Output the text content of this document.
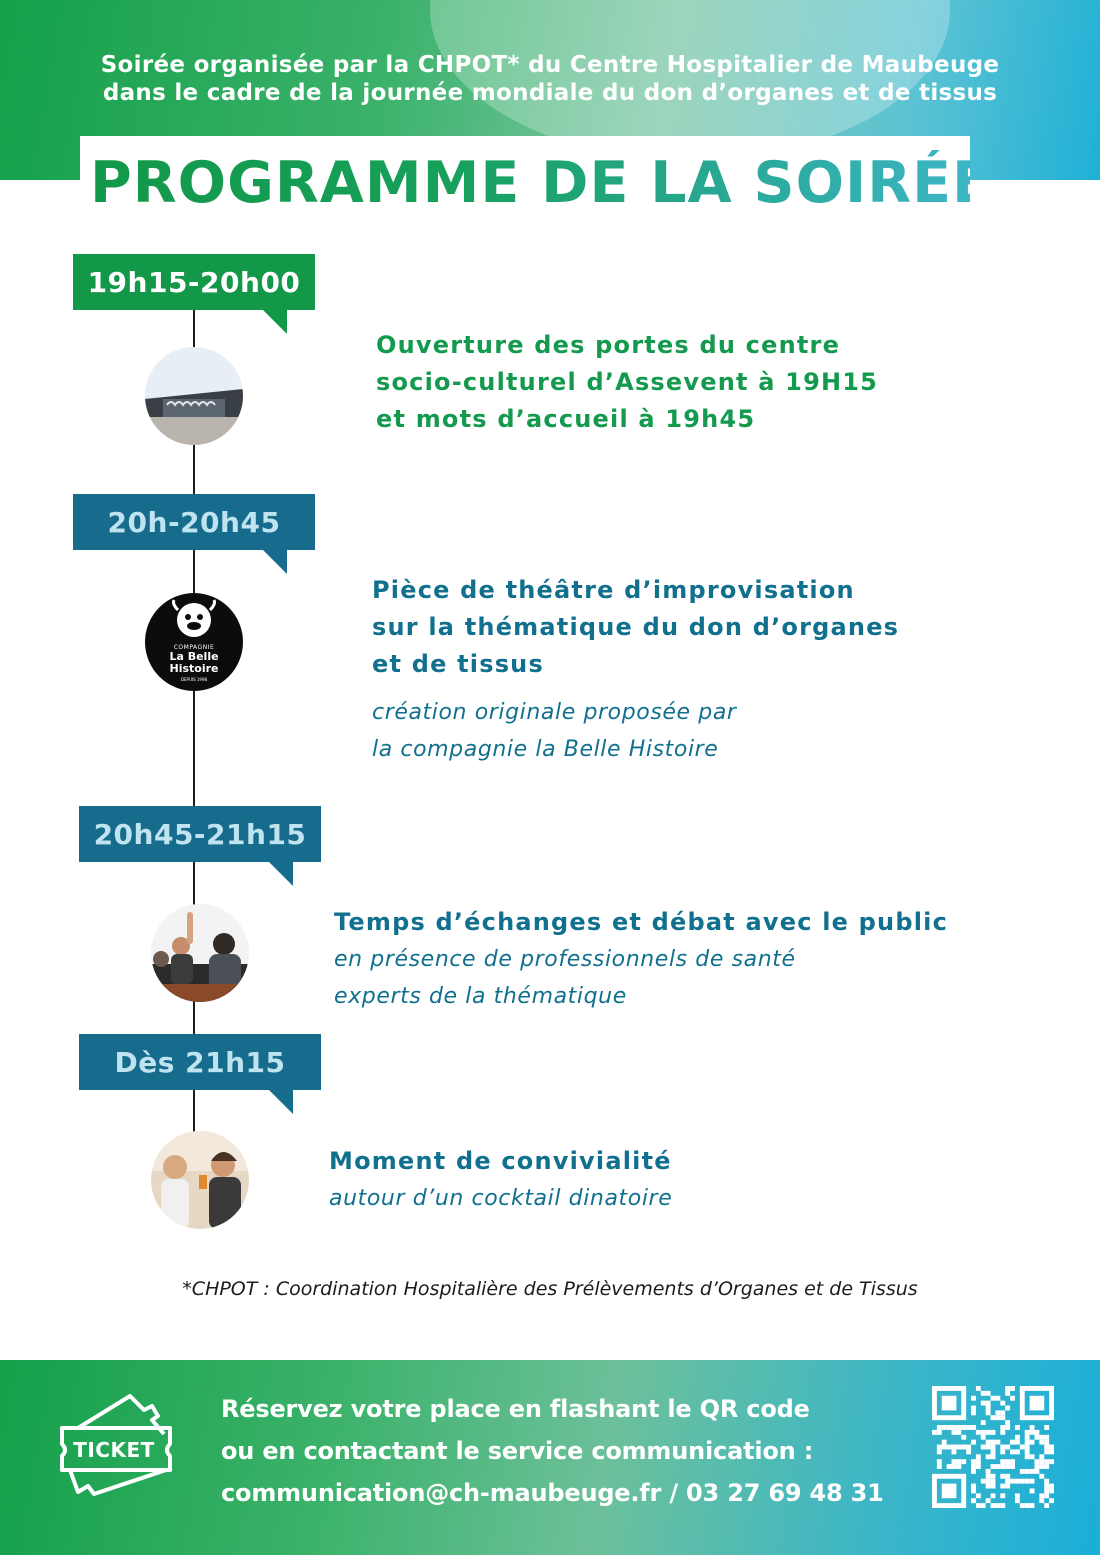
Soirée organisée par la CHPOT* du Centre Hospitalier de Maubeuge
dans le cadre de la journée mondiale du don d’organes et de tissus
PROGRAMME DE LA SOIRÉE
19h15-20h00
Ouverture des portes du centre
socio-culturel d’Assevent à 19H15
et mots d’accueil à 19h45
20h-20h45
COMPAGNIE
La Belle
Histoire
DEPUIS 1998
Pièce de théâtre d’improvisation
sur la thématique du don d’organes
et de tissus
création originale proposée par
la compagnie la Belle Histoire
20h45-21h15
Temps d’échanges et débat avec le public
en présence de professionnels de santé
experts de la thématique
Dès 21h15
Moment de convivialité
autour d’un cocktail dinatoire
*CHPOT : Coordination Hospitalière des Prélèvements d’Organes et de Tissus
TICKET
Réservez votre place en flashant le QR code
ou en contactant le service communication :
communication@ch-maubeuge.fr / 03 27 69 48 31
